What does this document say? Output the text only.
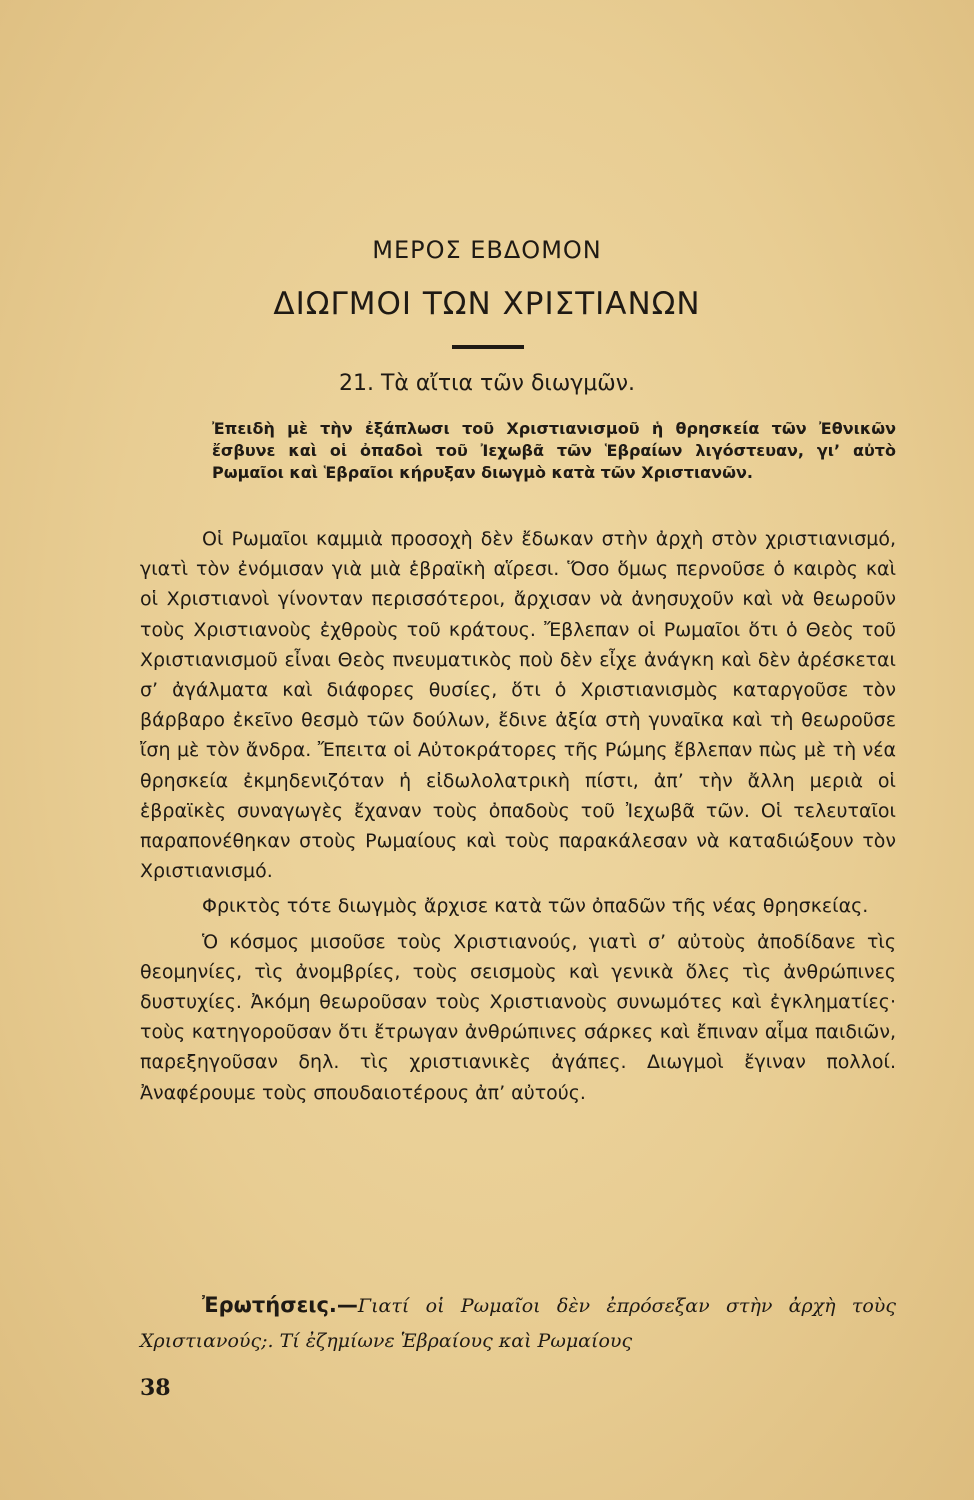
ΜΕΡΟΣ ΕΒΔΟΜΟΝ
ΔΙΩΓΜΟΙ ΤΩΝ ΧΡΙΣΤΙΑΝΩΝ
21. Τὰ αἴτια τῶν διωγμῶν.

Ἐπειδὴ μὲ τὴν ἐξάπλωσι τοῦ Χριστιανισμοῦ ἡ θρησκεία τῶν Ἐθνικῶν ἔσβυνε καὶ οἱ ὀπαδοὶ τοῦ Ἰεχωβᾶ τῶν Ἑβραίων λιγόστευαν, γι’ αὐτὸ Ρωμαῖοι καὶ Ἑβραῖοι κήρυξαν διωγμὸ κατὰ τῶν Χριστιανῶν.

Οἱ Ρωμαῖοι καμμιὰ προσοχὴ δὲν ἔδωκαν στὴν ἀρχὴ στὸν χριστιανισμό, γιατὶ τὸν ἐνόμισαν γιὰ μιὰ ἑβραϊκὴ αἵρεσι. Ὅσο ὅμως περνοῦσε ὁ καιρὸς καὶ οἱ Χριστιανοὶ γίνονταν περισσότεροι, ἄρχισαν νὰ ἀνησυχοῦν καὶ νὰ θεωροῦν τοὺς Χριστιανοὺς ἐχθροὺς τοῦ κράτους. Ἔβλεπαν οἱ Ρωμαῖοι ὅτι ὁ Θεὸς τοῦ Χριστιανισμοῦ εἶναι Θεὸς πνευματικὸς ποὺ δὲν εἶχε ἀνάγκη καὶ δὲν ἀρέσκεται σ’ ἀγάλματα καὶ διάφορες θυσίες, ὅτι ὁ Χριστιανισμὸς καταργοῦσε τὸν βάρβαρο ἐκεῖνο θεσμὸ τῶν δούλων, ἔδινε ἀξία στὴ γυναῖκα καὶ τὴ θεωροῦσε ἴση μὲ τὸν ἄνδρα. Ἔπειτα οἱ Αὐτοκράτορες τῆς Ρώμης ἔβλεπαν πὼς μὲ τὴ νέα θρησκεία ἐκμηδενιζόταν ἡ εἰδωλολατρικὴ πίστι, ἀπ’ τὴν ἄλλη μεριὰ οἱ ἑβραϊκὲς συναγωγὲς ἔχαναν τοὺς ὀπαδοὺς τοῦ Ἰεχωβᾶ τῶν. Οἱ τελευταῖοι παραπονέθηκαν στοὺς Ρωμαίους καὶ τοὺς παρακάλεσαν νὰ καταδιώξουν τὸν Χριστιανισμό.

Φρικτὸς τότε διωγμὸς ἄρχισε κατὰ τῶν ὀπαδῶν τῆς νέας θρησκείας.

Ὁ κόσμος μισοῦσε τοὺς Χριστιανούς, γιατὶ σ’ αὐτοὺς ἀποδίδανε τὶς θεομηνίες, τὶς ἀνομβρίες, τοὺς σεισμοὺς καὶ γενικὰ ὅλες τὶς ἀνθρώπινες δυστυχίες. Ἀκόμη θεωροῦσαν τοὺς Χριστιανοὺς συνωμότες καὶ ἐγκληματίες· τοὺς κατηγοροῦσαν ὅτι ἔτρωγαν ἀνθρώπινες σάρκες καὶ ἔπιναν αἷμα παιδιῶν, παρεξηγοῦσαν δηλ. τὶς χριστιανικὲς ἀγάπες. Διωγμοὶ ἔγιναν πολλοί. Ἀναφέρουμε τοὺς σπουδαιοτέρους ἀπ’ αὐτούς.

Ἐρωτήσεις.—Γιατί οἱ Ρωμαῖοι δὲν ἐπρόσεξαν στὴν ἀρχὴ τοὺς Χριστιανούς;. Τί ἐζημίωνε Ἑβραίους καὶ Ρωμαίους

38
